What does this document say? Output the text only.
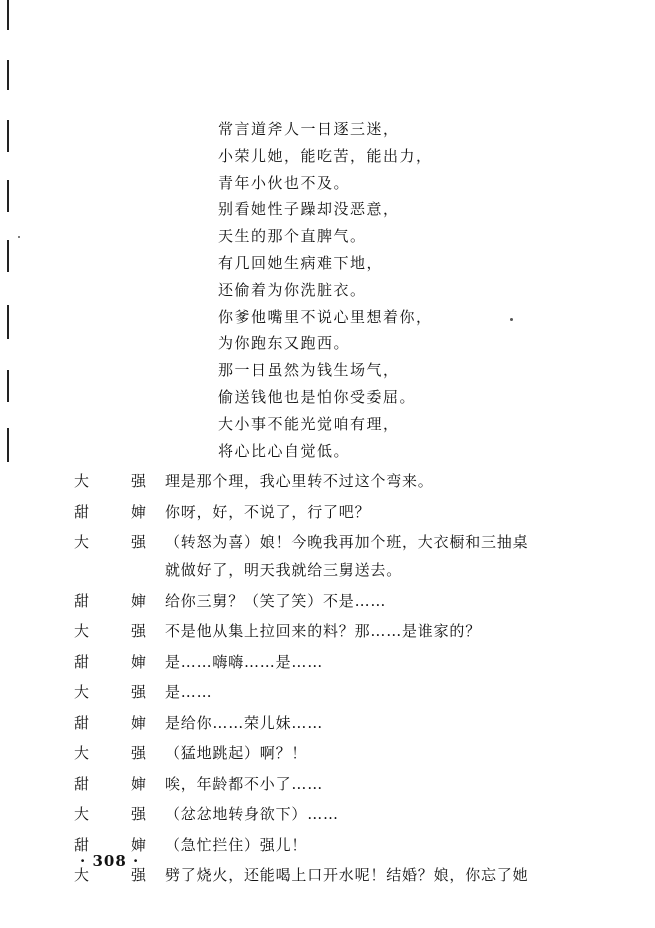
常言道斧人一日逐三迷，
小荣儿她，能吃苦，能出力，
青年小伙也不及。
别看她性子躁却没恶意，
天生的那个直脾气。
有几回她生病难下地，
还偷着为你洗脏衣。
你爹他嘴里不说心里想着你，
为你跑东又跑西。
那一日虽然为钱生场气，
偷送钱他也是怕你受委屈。
大小事不能光觉咱有理，
将心比心自觉低。
大	强 理是那个理，我心里转不过这个弯来。
甜	婶 你呀，好，不说了，行了吧？
大	强 （转怒为喜）娘！今晚我再加个班，大衣橱和三抽桌
就做好了，明天我就给三舅送去。
甜	婶 给你三舅？（笑了笑）不是……
大	强 不是他从集上拉回来的料？那……是谁家的？
甜	婶 是……嗨嗨……是……
大	强 是……
甜	婶 是给你……荣儿妹……
大	强 （猛地跳起）啊？！
甜	婶 唉，年龄都不小了……
大	强 （忿忿地转身欲下）……
甜	婶 （急忙拦住）强儿！
大	强 劈了烧火，还能喝上口开水呢！结婚？娘，你忘了她
· 308 ·
